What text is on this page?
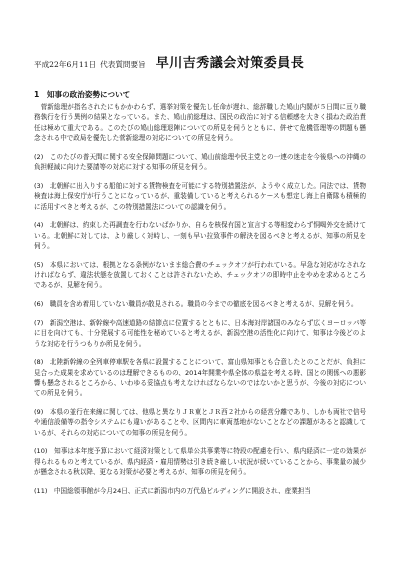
平成22年6月11日 代表質問要旨 早川吉秀議会対策委員長
1　知事の政治姿勢について

　菅新総理が指名されたにもかかわらず、選挙対策を優先し任命が遅れ、総辞職した鳩山内閣が５日間に亘り職務執行を行う異例の結果となっている。また、鳩山前総理は、国民の政治に対する信頼感を大きく損ねた政治責任は極めて重大である。このたびの鳩山総理退陣についての所見を伺うとともに、併せて危機管理等の問題も懸念される中で政局を優先した菅新総理の対応についての所見を伺う。

(2)　このたびの普天間に関する安全保障問題について、鳩山前総理や民主党との一連の迷走を今後県への沖縄の負担軽減に向けた要請等の対応に対する知事の所見を伺う。

(3)　北朝鮮に出入りする船舶に対する貨物検査を可能にする特別措置法が、ようやく成立した。同法では、貨物検査は海上保安庁が行うことになっているが、重装備していると考えられるケースも想定し海上自衛隊も積極的に活用すべきと考えるが、この特別措置法についての認識を伺う。

(4)　北朝鮮は、約束した再調査を行わないばかりか、自らを核保有国と宣言する等相変わらず恫喝外交を続けている。北朝鮮に対しては、より厳しく対峙し、一刻も早い拉致事件の解決を図るべきと考えるが、知事の所見を伺う。

(5)　本県においては、根拠となる条例がないまま総合費のチェックオフが行われている。早急な対応がなされなければならず、違法状態を放置しておくことは許されないため、チェックオフの即時中止をやめを求めるところであるが、見解を伺う。

(6)　職員を含め着用していない職員が散見される。職員の今までの徹底を図るべきと考えるが、見解を伺う。

(7)　新潟空港は、新幹線や高速道路の結節点に位置するとともに、日本海対岸諸国のみならず広くヨーロッパ等に目を向けても、十分発展する可能性を秘めていると考えるが、新潟空港の活性化に向けて、知事は今後どのような対応を行うつもりか所見を伺う。

(8)　北陸新幹線の全列車停車駅を各県に設置することについて、富山県知事とも合意したとのことだが、負担に見合った成果を求めているのは理解できるものの、2014年開業や県全体の県益を考える時、国との関係への悪影響も懸念されるところから、いわゆる妥協点も考えなければならないのではないかと思うが、今後の対応についての所見を伺う。

(9)　本県の並行在来線に関しては、他県と異なりＪＲ東とＪＲ西２社からの経営分離であり、しかも両社で信号や通信設備等の指令システムにも違いがあることや、区間内に車両基地がないことなどの課題があると認識しているが、それらの対応についての知事の所見を伺う。

(10)　知事は本年度予算において経済対策として県単公共事業等に特段の配慮を行い、県内経済に一定の効果が得られるものと考えているが、県内経済・雇用情勢は引き続き厳しい状況が続いていることから、事業量の減少が懸念される秋以降、更なる対策が必要と考えるが、知事の所見を伺う。

(11)　中国総領事館が今月24日、正式に新潟市内の万代島ビルディングに開設され、産業担当
